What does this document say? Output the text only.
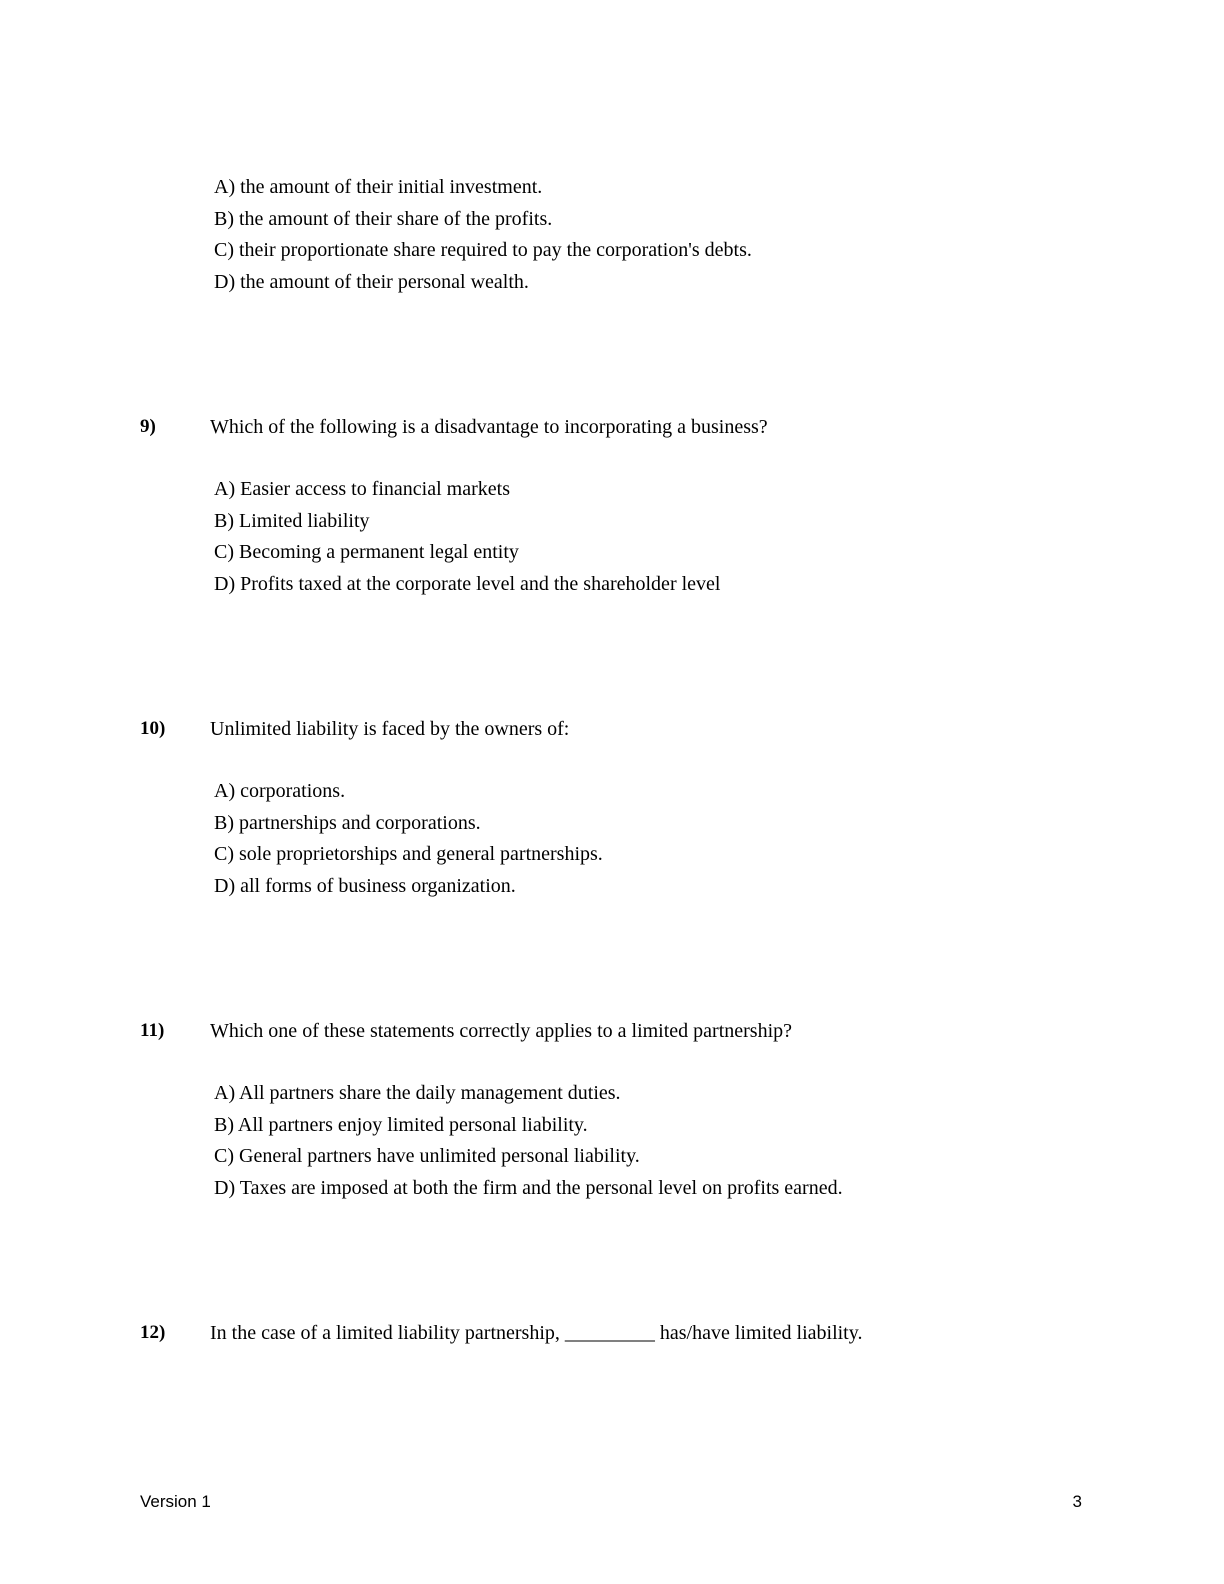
A) the amount of their initial investment.
B) the amount of their share of the profits.
C) their proportionate share required to pay the corporation's debts.
D) the amount of their personal wealth.
9)	Which of the following is a disadvantage to incorporating a business?
A) Easier access to financial markets
B) Limited liability
C) Becoming a permanent legal entity
D) Profits taxed at the corporate level and the shareholder level
10)	Unlimited liability is faced by the owners of:
A) corporations.
B) partnerships and corporations.
C) sole proprietorships and general partnerships.
D) all forms of business organization.
11)	Which one of these statements correctly applies to a limited partnership?
A) All partners share the daily management duties.
B) All partners enjoy limited personal liability.
C) General partners have unlimited personal liability.
D) Taxes are imposed at both the firm and the personal level on profits earned.
12)	In the case of a limited liability partnership, _________ has/have limited liability.
Version 1	3
